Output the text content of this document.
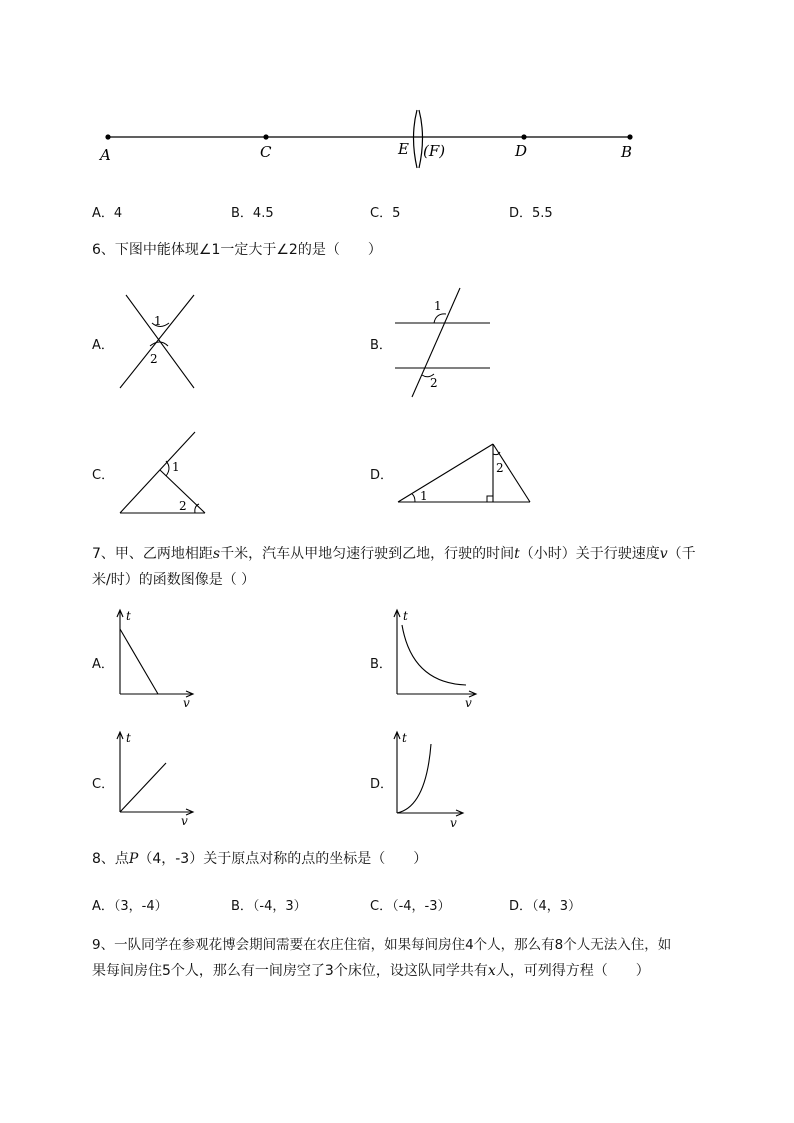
A	C	E (F)	D	B
A．4	B．4.5	C．5	D．5.5
6、下图中能体现∠1一定大于∠2的是（　　）
A．
1
2
B．
1
2
C．
1
2
D．
1
2
7、甲、乙两地相距s千米，汽车从甲地匀速行驶到乙地，行驶的时间t（小时）关于行驶速度v（千
米/时）的函数图像是（ ）
A．
t
v
B．
t
v
C．
t
v
D．
t
v
8、点P（4，-3）关于原点对称的点的坐标是（　　）
A．（3，-4）	B．（-4，3）	C．（-4，-3）	D．（4，3）
9、一队同学在参观花博会期间需要在农庄住宿，如果每间房住4个人，那么有8个人无法入住，如
果每间房住5个人，那么有一间房空了3个床位，设这队同学共有x人，可列得方程（　　）
